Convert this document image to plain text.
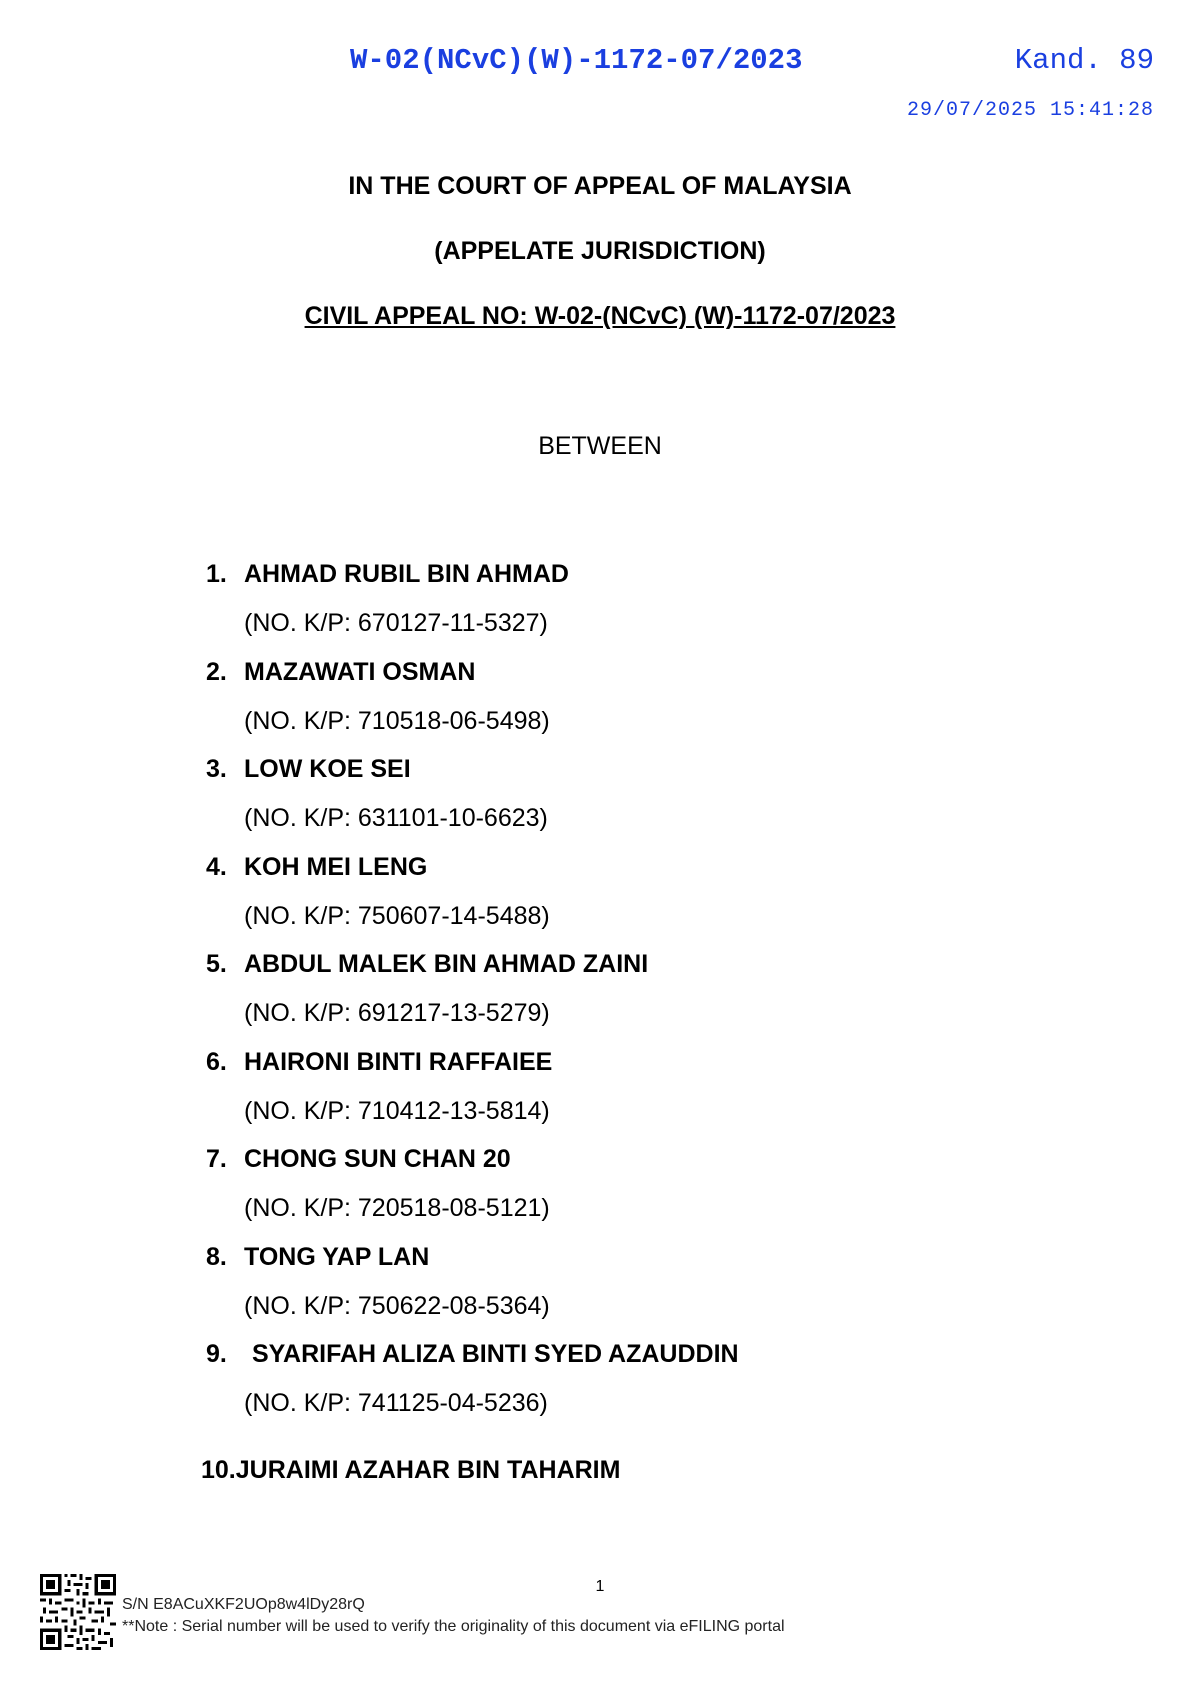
W-02(NCvC)(W)-1172-07/2023	Kand. 89
29/07/2025 15:41:28
IN THE COURT OF APPEAL OF MALAYSIA
(APPELATE JURISDICTION)
CIVIL APPEAL NO: W-02-(NCvC) (W)-1172-07/2023
BETWEEN
1. AHMAD RUBIL BIN AHMAD
(NO. K/P: 670127-11-5327)
2. MAZAWATI OSMAN
(NO. K/P: 710518-06-5498)
3. LOW KOE SEI
(NO. K/P: 631101-10-6623)
4. KOH MEI LENG
(NO. K/P: 750607-14-5488)
5. ABDUL MALEK BIN AHMAD ZAINI
(NO. K/P: 691217-13-5279)
6. HAIRONI BINTI RAFFAIEE
(NO. K/P: 710412-13-5814)
7. CHONG SUN CHAN 20
(NO. K/P: 720518-08-5121)
8. TONG YAP LAN
(NO. K/P: 750622-08-5364)
9. SYARIFAH ALIZA BINTI SYED AZAUDDIN
(NO. K/P: 741125-04-5236)
10.JURAIMI AZAHAR BIN TAHARIM
1
S/N E8ACuXKF2UOp8w4lDy28rQ
**Note : Serial number will be used to verify the originality of this document via eFILING portal
